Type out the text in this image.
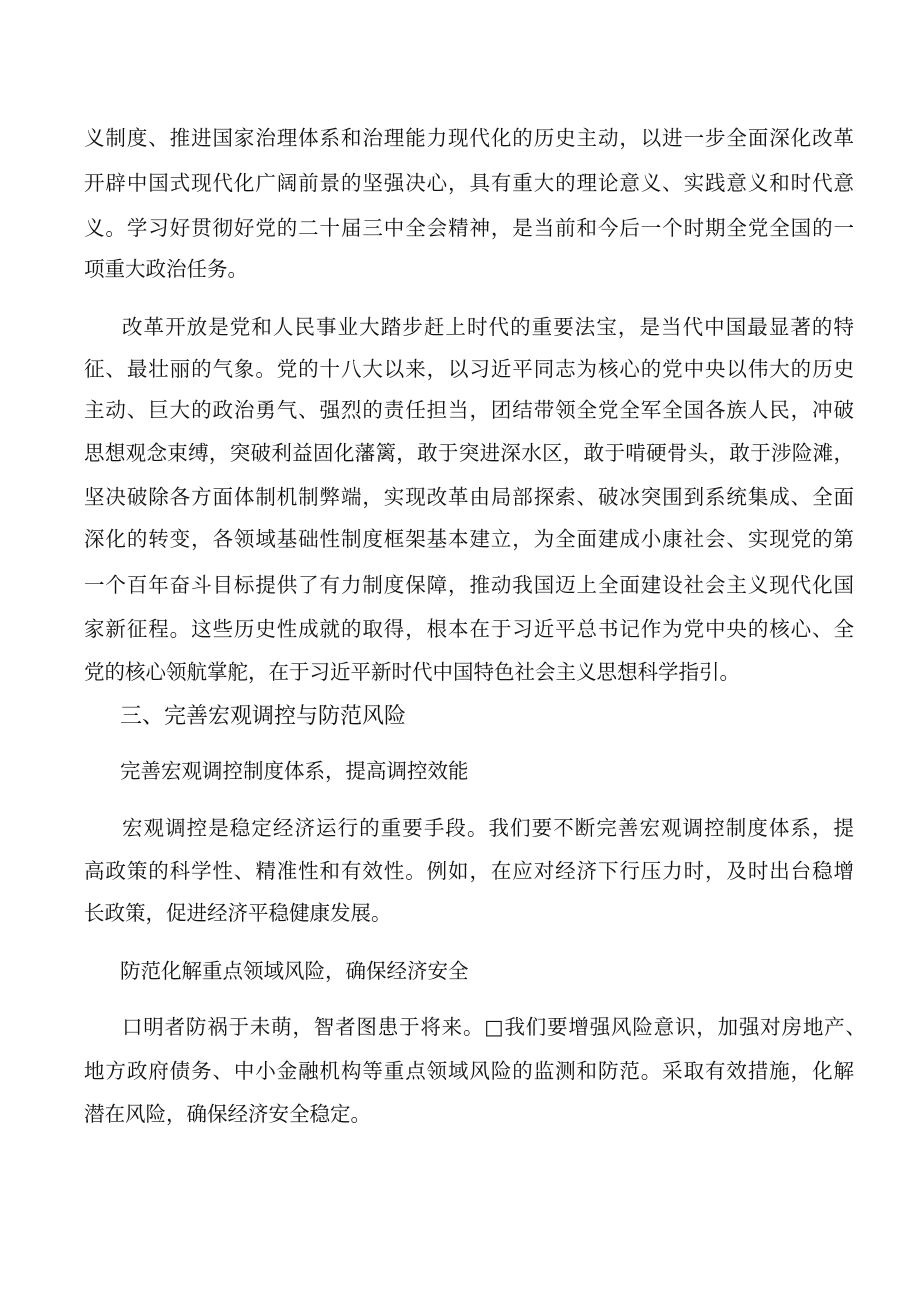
义制度、推进国家治理体系和治理能力现代化的历史主动，以进一步全面深化改革
开辟中国式现代化广阔前景的坚强决心，具有重大的理论意义、实践意义和时代意
义。学习好贯彻好党的二十届三中全会精神，是当前和今后一个时期全党全国的一
项重大政治任务。
改革开放是党和人民事业大踏步赶上时代的重要法宝，是当代中国最显著的特
征、最壮丽的气象。党的十八大以来，以习近平同志为核心的党中央以伟大的历史
主动、巨大的政治勇气、强烈的责任担当，团结带领全党全军全国各族人民，冲破
思想观念束缚，突破利益固化藩篱，敢于突进深水区，敢于啃硬骨头，敢于涉险滩，
坚决破除各方面体制机制弊端，实现改革由局部探索、破冰突围到系统集成、全面
深化的转变，各领域基础性制度框架基本建立，为全面建成小康社会、实现党的第
一个百年奋斗目标提供了有力制度保障，推动我国迈上全面建设社会主义现代化国
家新征程。这些历史性成就的取得，根本在于习近平总书记作为党中央的核心、全
党的核心领航掌舵，在于习近平新时代中国特色社会主义思想科学指引。
三、完善宏观调控与防范风险
完善宏观调控制度体系，提高调控效能
宏观调控是稳定经济运行的重要手段。我们要不断完善宏观调控制度体系，提
高政策的科学性、精准性和有效性。例如，在应对经济下行压力时，及时出台稳增
长政策，促进经济平稳健康发展。
防范化解重点领域风险，确保经济安全
口明者防祸于未萌，智者图患于将来。□我们要增强风险意识，加强对房地产、
地方政府债务、中小金融机构等重点领域风险的监测和防范。采取有效措施，化解
潜在风险，确保经济安全稳定。
